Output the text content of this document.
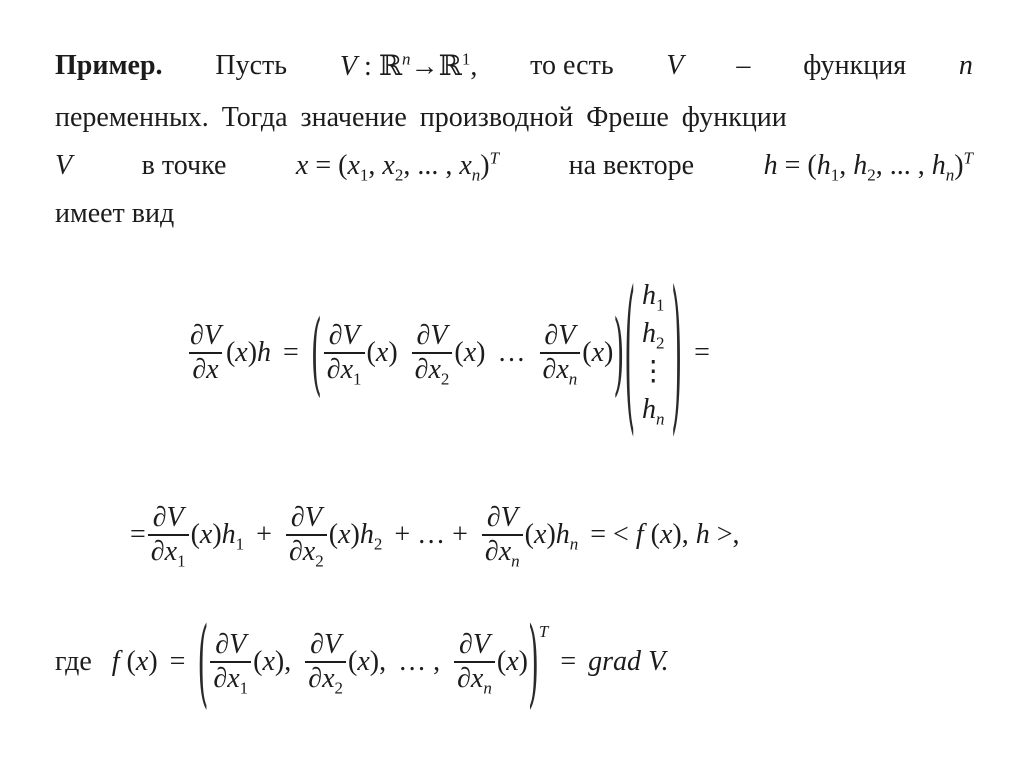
Пример. Пусть V : ℝ$^n$→ℝ$^1$, то есть V – функция n
переменных. Тогда значение производной Фреше функции
V в точке $x = (x_1$, $x_2$, ... , $x_n)^T$ на векторе $h = (h_1$, $h_2$, ... , $h_n)^T$
имеет вид
$\frac{\partial V}{\partial x} (x)h$ = ( $\frac{\partial V}{\partial x_1} (x) \frac{\partial V}{\partial x_2} (x)$ … $\frac{\partial V}{\partial x_n} (x)$ ) ( $h_1$
$h_2$
⋮
$h_n$ ) =
= $\frac{\partial V}{\partial x_1} (x)h_1 + \frac{\partial V}{\partial x_2} (x)h_2$ + … + $\frac{\partial V}{\partial x_n} (x)h_n$ = < f (x), h >,
где f (x) = ( $\frac{\partial V}{\partial x_1} (x)$, $\frac{\partial V}{\partial x_2} (x)$, … , $\frac{\partial V}{\partial x_n} (x)$ )$^T$
= grad V.
